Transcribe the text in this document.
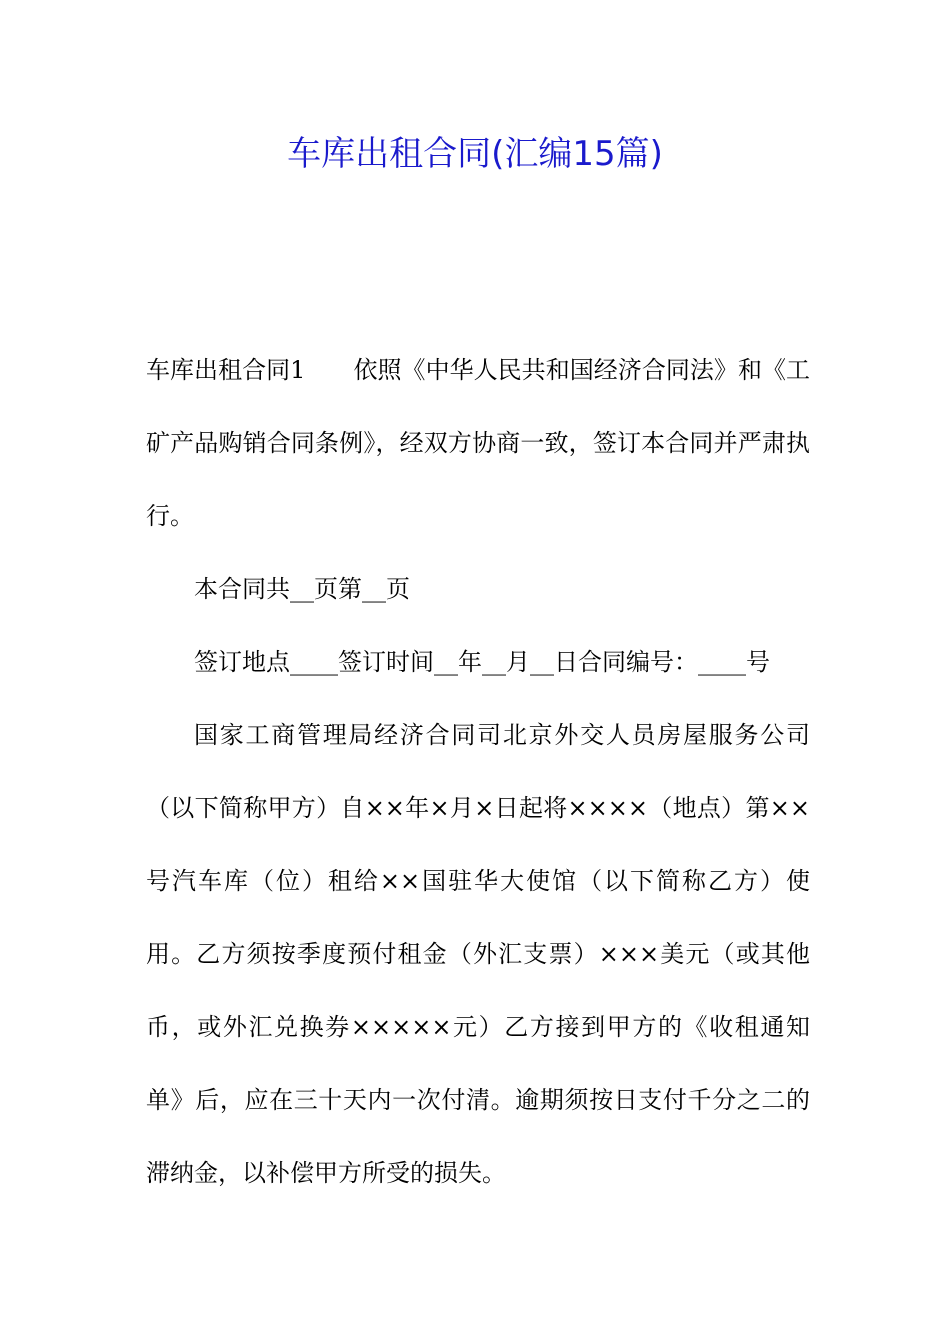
车库出租合同(汇编15篇)

车库出租合同1 依照《中华人民共和国经济合同法》和《工矿产品购销合同条例》，经双方协商一致，签订本合同并严肃执行。

本合同共__页第__页

签订地点____签订时间__年__月__日合同编号：____号

国家工商管理局经济合同司北京外交人员房屋服务公司（以下简称甲方）自××年×月×日起将××××（地点）第××号汽车库（位）租给××国驻华大使馆（以下简称乙方）使用。乙方须按季度预付租金（外汇支票）×××美元（或其他币，或外汇兑换券×××××元）乙方接到甲方的《收租通知单》后，应在三十天内一次付清。逾期须按日支付千分之二的滞纳金，以补偿甲方所受的损失。
